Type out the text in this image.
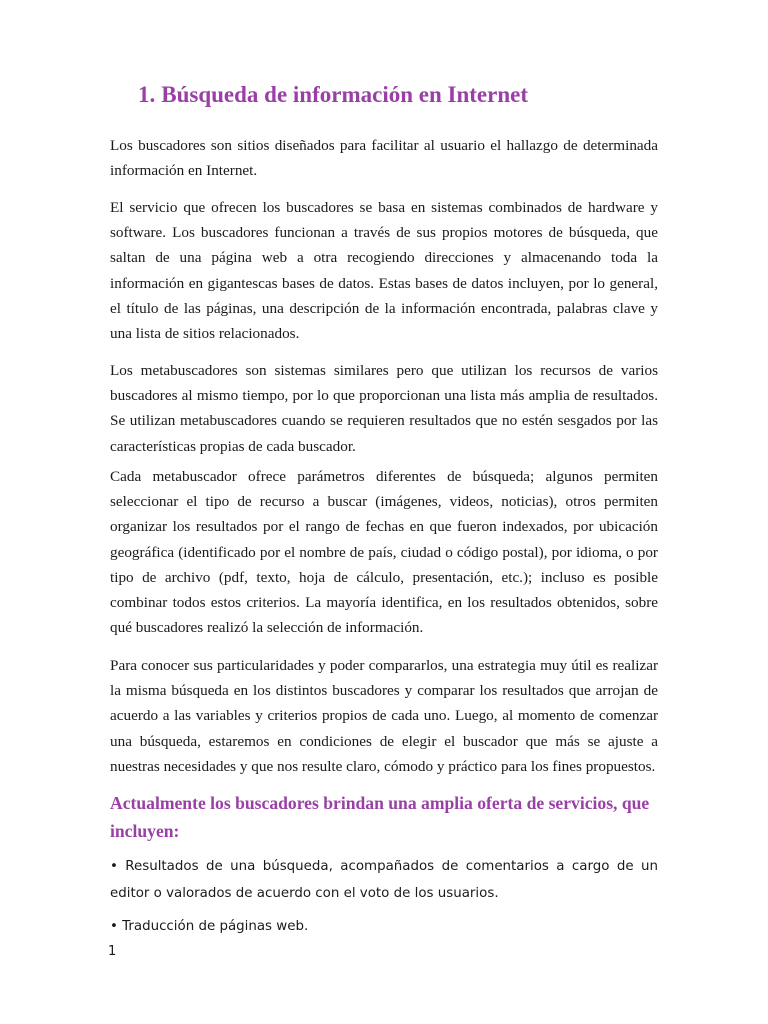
1. Búsqueda de información en Internet

Los buscadores son sitios diseñados para facilitar al usuario el hallazgo de determinada información en Internet.

El servicio que ofrecen los buscadores se basa en sistemas combinados de hardware y software. Los buscadores funcionan a través de sus propios motores de búsqueda, que saltan de una página web a otra recogiendo direcciones y almacenando toda la información en gigantescas bases de datos. Estas bases de datos incluyen, por lo general, el título de las páginas, una descripción de la información encontrada, palabras clave y una lista de sitios relacionados.

Los metabuscadores son sistemas similares pero que utilizan los recursos de varios buscadores al mismo tiempo, por lo que proporcionan una lista más amplia de resultados. Se utilizan metabuscadores cuando se requieren resultados que no estén sesgados por las características propias de cada buscador.

Cada metabuscador ofrece parámetros diferentes de búsqueda; algunos permiten seleccionar el tipo de recurso a buscar (imágenes, videos, noticias), otros permiten organizar los resultados por el rango de fechas en que fueron indexados, por ubicación geográfica (identificado por el nombre de país, ciudad o código postal), por idioma, o por tipo de archivo (pdf, texto, hoja de cálculo, presentación, etc.); incluso es posible combinar todos estos criterios. La mayoría identifica, en los resultados obtenidos, sobre qué buscadores realizó la selección de información.

Para conocer sus particularidades y poder compararlos, una estrategia muy útil es realizar la misma búsqueda en los distintos buscadores y comparar los resultados que arrojan de acuerdo a las variables y criterios propios de cada uno. Luego, al momento de comenzar una búsqueda, estaremos en condiciones de elegir el buscador que más se ajuste a nuestras necesidades y que nos resulte claro, cómodo y práctico para los fines propuestos.

Actualmente los buscadores brindan una amplia oferta de servicios, que incluyen:

• Resultados de una búsqueda, acompañados de comentarios a cargo de un editor o valorados de acuerdo con el voto de los usuarios.

• Traducción de páginas web.

1
